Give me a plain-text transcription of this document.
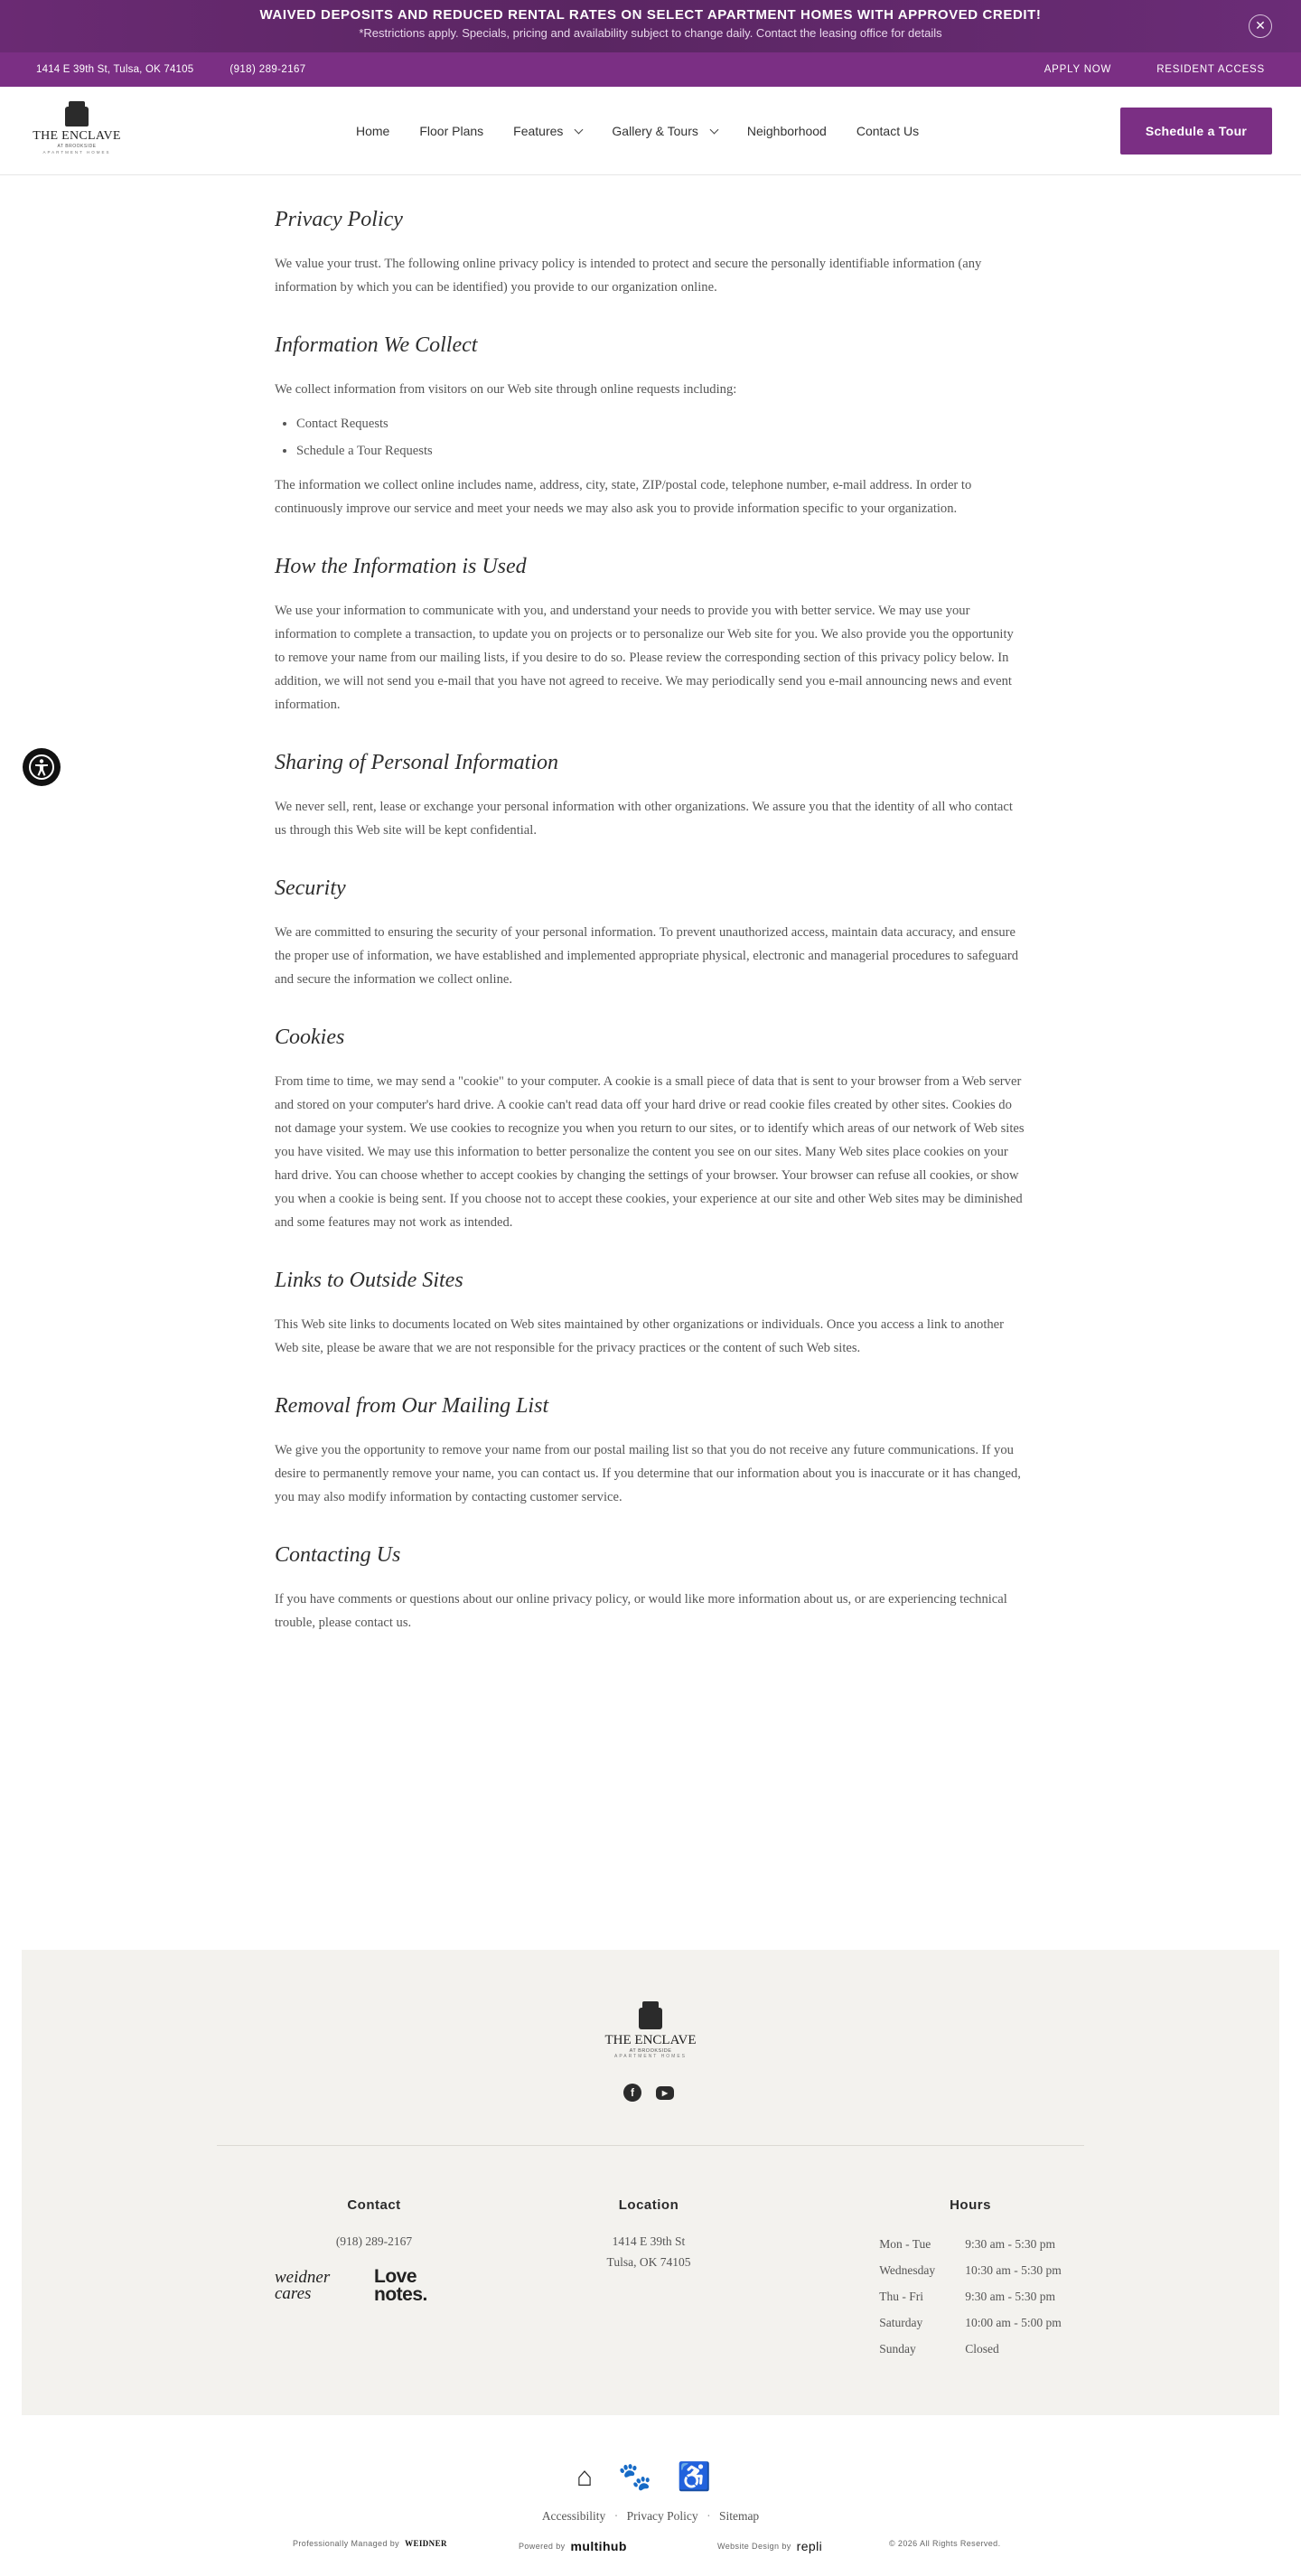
WAIVED DEPOSITS AND REDUCED RENTAL RATES ON SELECT APARTMENT HOMES WITH APPROVED CREDIT!
*Restrictions apply. Specials, pricing and availability subject to change daily. Contact the leasing office for details
✕
1414 E 39th St, Tulsa, OK 74105	(918) 289-2167	APPLY NOW	RESIDENT ACCESS
THE ENCLAVE
AT BROOKSIDE
APARTMENT HOMES
Home Floor Plans Features	Gallery & Tours	Neighborhood Contact Us	Schedule a Tour
Privacy Policy

We value your trust. The following online privacy policy is intended to protect and secure the personally identifiable information (any information by which you can be identified) you provide to our organization online.

Information We Collect

We collect information from visitors on our Web site through online requests including:

• Contact Requests
• Schedule a Tour Requests

The information we collect online includes name, address, city, state, ZIP/postal code, telephone number, e-mail address. In order to continuously improve our service and meet your needs we may also ask you to provide information specific to your organization.

How the Information is Used

We use your information to communicate with you, and understand your needs to provide you with better service. We may use your information to complete a transaction, to update you on projects or to personalize our Web site for you. We also provide you the opportunity to remove your name from our mailing lists, if you desire to do so. Please review the corresponding section of this privacy policy below. In addition, we will not send you e-mail that you have not agreed to receive. We may periodically send you e-mail announcing news and event information.

Sharing of Personal Information

We never sell, rent, lease or exchange your personal information with other organizations. We assure you that the identity of all who contact us through this Web site will be kept confidential.

Security

We are committed to ensuring the security of your personal information. To prevent unauthorized access, maintain data accuracy, and ensure the proper use of information, we have established and implemented appropriate physical, electronic and managerial procedures to safeguard and secure the information we collect online.

Cookies

From time to time, we may send a "cookie" to your computer. A cookie is a small piece of data that is sent to your browser from a Web server and stored on your computer's hard drive. A cookie can't read data off your hard drive or read cookie files created by other sites. Cookies do not damage your system. We use cookies to recognize you when you return to our sites, or to identify which areas of our network of Web sites you have visited. We may use this information to better personalize the content you see on our sites. Many Web sites place cookies on your hard drive. You can choose whether to accept cookies by changing the settings of your browser. Your browser can refuse all cookies, or show you when a cookie is being sent. If you choose not to accept these cookies, your experience at our site and other Web sites may be diminished and some features may not work as intended.

Links to Outside Sites

This Web site links to documents located on Web sites maintained by other organizations or individuals. Once you access a link to another Web site, please be aware that we are not responsible for the privacy practices or the content of such Web sites.

Removal from Our Mailing List

We give you the opportunity to remove your name from our postal mailing list so that you do not receive any future communications. If you desire to permanently remove your name, you can contact us. If you determine that our information about you is inaccurate or it has changed, you may also modify information by contacting customer service.

Contacting Us

If you have comments or questions about our online privacy policy, or would like more information about us, or are experiencing technical trouble, please contact us.

THE ENCLAVE
AT BROOKSIDE
APARTMENT HOMES
f	▶
Contact
(918) 289-2167
weidner cares
Love notes.
Location
1414 E 39th St
Tulsa, OK 74105
Hours
Mon - Tue	9:30 am - 5:30 pm
Wednesday	10:30 am - 5:30 pm
Thu - Fri	9:30 am - 5:30 pm
Saturday	10:00 am - 5:00 pm
Sunday	Closed
⌂ 🐾 ♿
Accessibility · Privacy Policy · Sitemap
Professionally Managed by WEIDNER	Powered by multihub	Website Design by repli	© 2026 All Rights Reserved.
